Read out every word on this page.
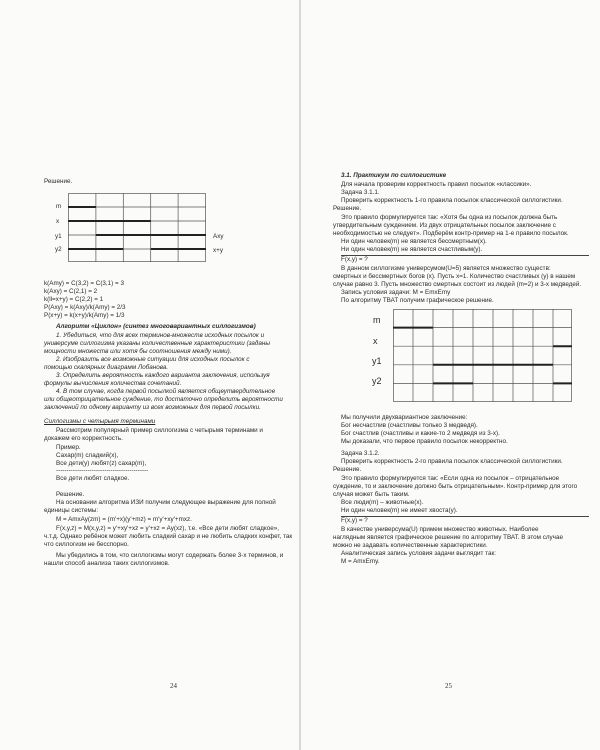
Решение.
m
x
y1
y2
Axy
x+y
k(Amy) = C(3,2) = C(3,1) = 3
k(Axy) = C(2,1) = 2
k(ll=x+y) = C(2,2) = 1
P(Axy) = k(Axy)/k(Amy) = 2/3
P(x+y) = k(x+y)/k(Amy) = 1/3
Алгоритм «Циклон» (синтез многовариантных силлогизмов)
1. Убедиться, что для всех терминов-множеств исходных посылок и
универсуме силлогизма указаны количественные характеристики (заданы
мощности множеств или хотя бы соотношения между ними).
2. Изобразить все возможные ситуации для исходных посылок с
помощью скалярных диаграмм Лобанова.
3. Определить вероятность каждого варианта заключения, используя
формулы вычисления количества сочетаний.
4. В том случае, когда первой посылкой является общеутвердительное
или общеотрицательное суждение, то достаточно определить вероятности
заключений по одному варианту из всех возможных для первой посылки.
Силлогизмы с четырьмя терминами
Рассмотрим популярный пример силлогизма с четырьмя терминами и
докажем его корректность.
Пример.
Сахар(m) сладкий(x),
Все дети(y) любят(z) сахар(m),
--------------------------------------------
Все дети любят сладкое.
Решение.
На основании алгоритма ИЗИ получим следующее выражение для полной
единицы системы:
M = AmxAy(zm) = (m'+x)(y'+mz) = m'y'+xy'+mxz.
F(x,y,z) = M(x,y,z) = y'+xy'+xz = y'+xz = Ay(xz), т.е. «Все дети любят сладкое»,
ч.т.д. Однако ребёнок может любить сладкий сахар и не любить сладких конфет, так
что силлогизм не бесспорно.
Мы убедились в том, что силлогизмы могут содержать более 3-х терминов, и
нашли способ анализа таких силлогизмов.
24
3.1. Практикум по силлогистике
Для начала проверим корректность правил посылок «классики».
Задача 3.1.1.
Проверить корректность 1-го правила посылок классической силлогистики.
Решение.
Это правило формулируется так: «Хотя бы одна из посылок должна быть
утвердительным суждением. Из двух отрицательных посылок заключение с
необходимостью не следует». Подберём контр-пример на 1-е правило посылок.
Ни один человек(m) не является бессмертным(x).
Ни один человек(m) не является счастливым(y).
F(x,y) = ?
В данном силлогизме универсумом(U=5) является множество существ:
смертных и бессмертных богов (x). Пусть x=1. Количество счастливых (y) в нашем
случае равно 3. Пусть множество смертных состоит из людей (m=2) и 3-х медведей.
Запись условия задачи: M = EmxEmy
По алгоритму ТВАТ получим графическое решение.
m
x
y1
y2
Мы получили двухвариантное заключение:
Бог несчастлив (счастливы только 3 медведя).
Бог счастлив (счастливы и какие-то 2 медведя из 3-х).
Мы доказали, что первое правило посылок некорректно.
Задача 3.1.2.
Проверить корректность 2-го правила посылок классической силлогистики.
Решение.
Это правило формулируется так: «Если одна из посылок – отрицательное
суждение, то и заключение должно быть отрицательным». Контр-пример для этого
случая может быть таким.
Все люди(m) – животные(x).
Ни один человек(m) не имеет хвоста(y).
F(x,y) = ?
В качестве универсума(U) примем множество животных. Наиболее
наглядным является графическое решение по алгоритму ТВАТ. В этом случае
можно не задавать количественные характеристики.
Аналитическая запись условия задачи выглядит так:
M = AmxEmy.
25
